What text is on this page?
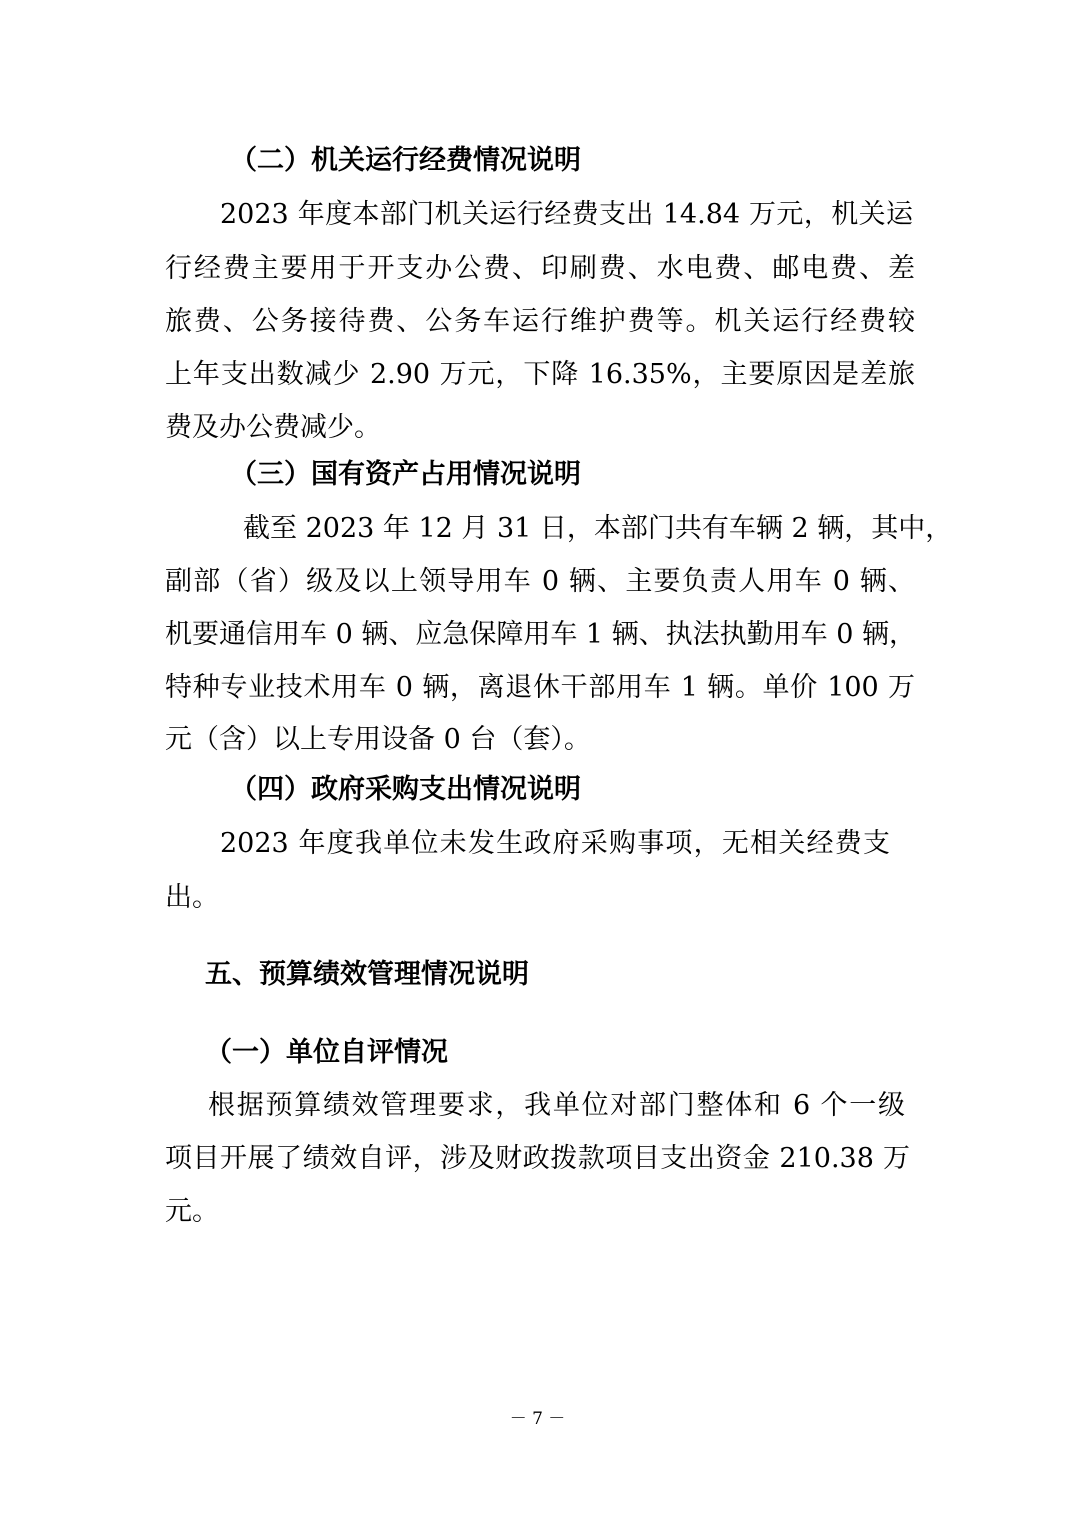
（二）机关运行经费情况说明
2023 年度本部门机关运行经费支出 14.84 万元，机关运
行经费主要用于开支办公费、印刷费、水电费、邮电费、差
旅费、公务接待费、公务车运行维护费等。机关运行经费较
上年支出数减少 2.90 万元，下降 16.35%，主要原因是差旅
费及办公费减少。
（三）国有资产占用情况说明
截至 2023 年 12 月 31 日，本部门共有车辆 2 辆，其中，
副部（省）级及以上领导用车 0 辆、主要负责人用车 0 辆、
机要通信用车 0 辆、应急保障用车 1 辆、执法执勤用车 0 辆，
特种专业技术用车 0 辆，离退休干部用车 1 辆。单价 100 万
元（含）以上专用设备 0 台（套）。
（四）政府采购支出情况说明
2023 年度我单位未发生政府采购事项，无相关经费支
出。
五、预算绩效管理情况说明
（一）单位自评情况
根据预算绩效管理要求，我单位对部门整体和 6 个一级
项目开展了绩效自评，涉及财政拨款项目支出资金 210.38 万
元。
－ 7 －
